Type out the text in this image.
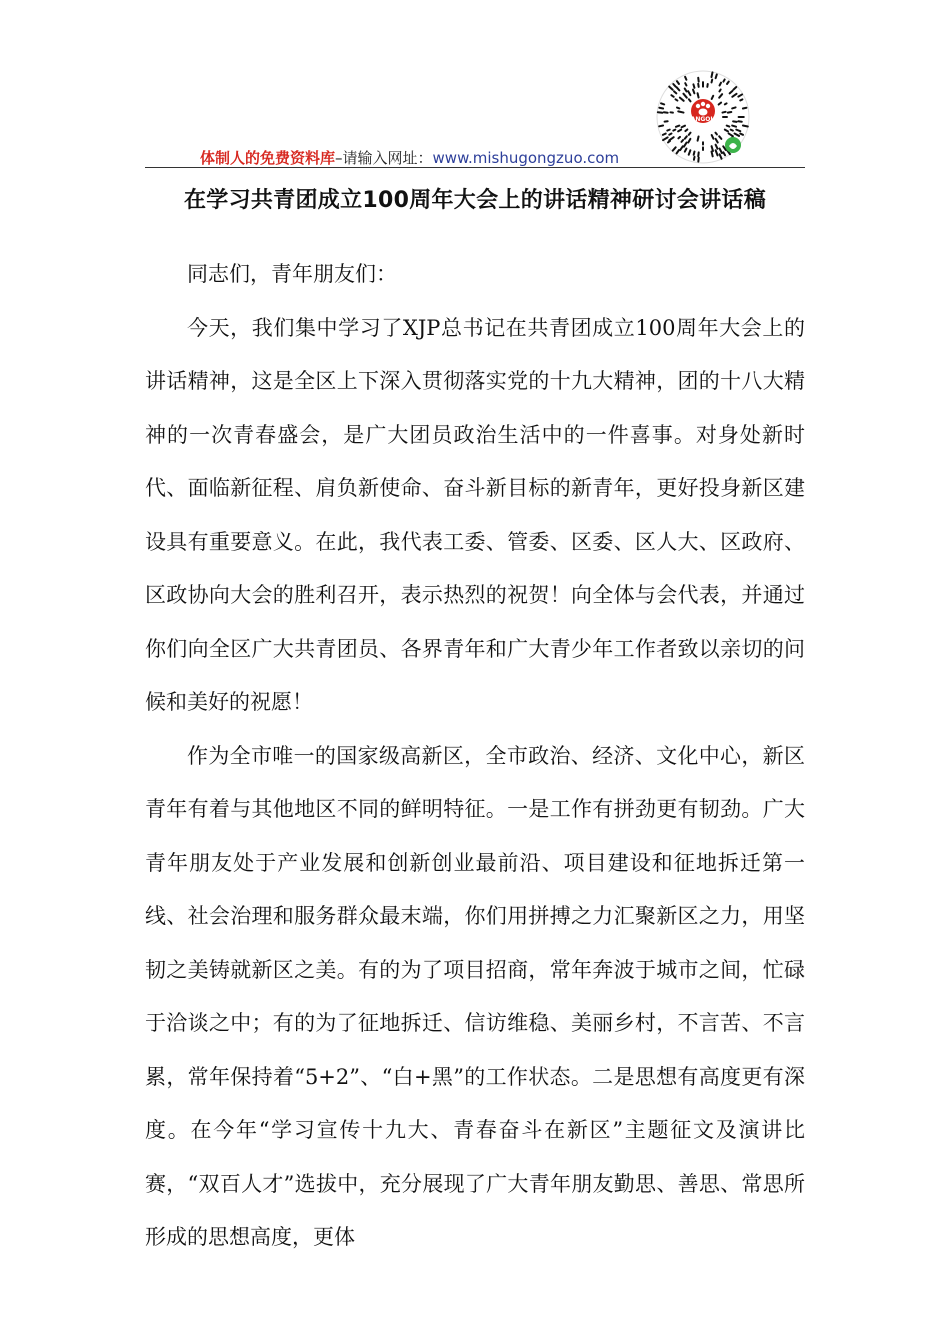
体制人的免费资料库–请输入网址：www.mishugongzuo.com
ANGOU
在学习共青团成立100周年大会上的讲话精神研讨会讲话稿

同志们，青年朋友们：

今天，我们集中学习了XJP总书记在共青团成立100周年大会上的讲话精神，这是全区上下深入贯彻落实党的十九大精神，团的十八大精神的一次青春盛会，是广大团员政治生活中的一件喜事。对身处新时代、面临新征程、肩负新使命、奋斗新目标的新青年，更好投身新区建设具有重要意义。在此，我代表工委、管委、区委、区人大、区政府、区政协向大会的胜利召开，表示热烈的祝贺！向全体与会代表，并通过你们向全区广大共青团员、各界青年和广大青少年工作者致以亲切的问候和美好的祝愿！

作为全市唯一的国家级高新区，全市政治、经济、文化中心，新区青年有着与其他地区不同的鲜明特征。一是工作有拼劲更有韧劲。广大青年朋友处于产业发展和创新创业最前沿、项目建设和征地拆迁第一线、社会治理和服务群众最末端，你们用拼搏之力汇聚新区之力，用坚韧之美铸就新区之美。有的为了项目招商，常年奔波于城市之间，忙碌于洽谈之中；有的为了征地拆迁、信访维稳、美丽乡村，不言苦、不言累，常年保持着“5+2”、“白+黑”的工作状态。二是思想有高度更有深度。在今年“学习宣传十九大、青春奋斗在新区”主题征文及演讲比赛，“双百人才”选拔中，充分展现了广大青年朋友勤思、善思、常思所形成的思想高度，更体
